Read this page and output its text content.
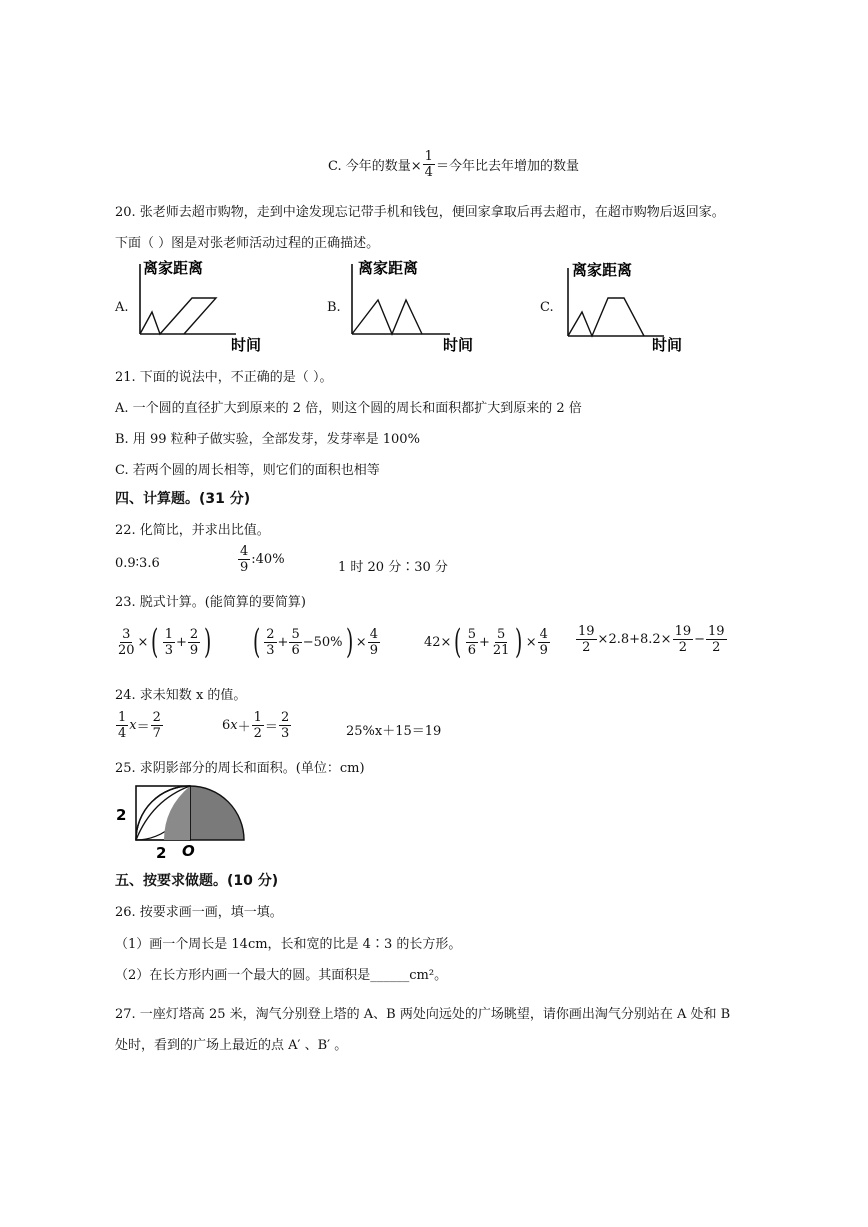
C. 今年的数量× $\frac{1}{4}$ ＝今年比去年增加的数量
20. 张老师去超市购物，走到中途发现忘记带手机和钱包，便回家拿取后再去超市，在超市购物后返回家。
下面（ ）图是对张老师活动过程的正确描述。
A.
离家距离
时间
B.
离家距离
时间
C.
离家距离
时间
21. 下面的说法中，不正确的是（ ）。
A. 一个圆的直径扩大到原来的 2 倍，则这个圆的周长和面积都扩大到原来的 2 倍
B. 用 99 粒种子做实验，全部发芽，发芽率是 100%
C. 若两个圆的周长相等，则它们的面积也相等
四、计算题。(31 分)
22. 化简比，并求出比值。
0.9∶3.6	$\frac{4}{9}$ :40%
1 时 20 分∶30 分
23. 脱式计算。(能简算的要简算)
$\frac{3}{20}$ × ( $\frac{1}{3} + \frac{2}{9}$ ) ( $\frac{2}{3} + \frac{5}{6} -50\%$ ) × $\frac{4}{9}$	42× ( $\frac{5}{6} + \frac{5}{21}$ ) × $\frac{4}{9} \frac{19}{2} \times 2.8+8.2\times \frac{19}{2} - \frac{19}{2}$
24. 求未知数 x 的值。
$\frac{1}{4}$ $x = \frac{2}{7}$	6 $x + \frac{1}{2} = \frac{2}{3}$	25%x＋15＝19
25. 求阴影部分的周长和面积。(单位：cm)
2
2 O
五、按要求做题。(10 分)
26. 按要求画一画，填一填。
（1）画一个周长是 14cm，长和宽的比是 4∶3 的长方形。
（2）在长方形内画一个最大的圆。其面积是______cm²。
27. 一座灯塔高 25 米，淘气分别登上塔的 A、B 两处向远处的广场眺望，请你画出淘气分别站在 A 处和 B
处时，看到的广场上最近的点 A′ 、B′ 。
